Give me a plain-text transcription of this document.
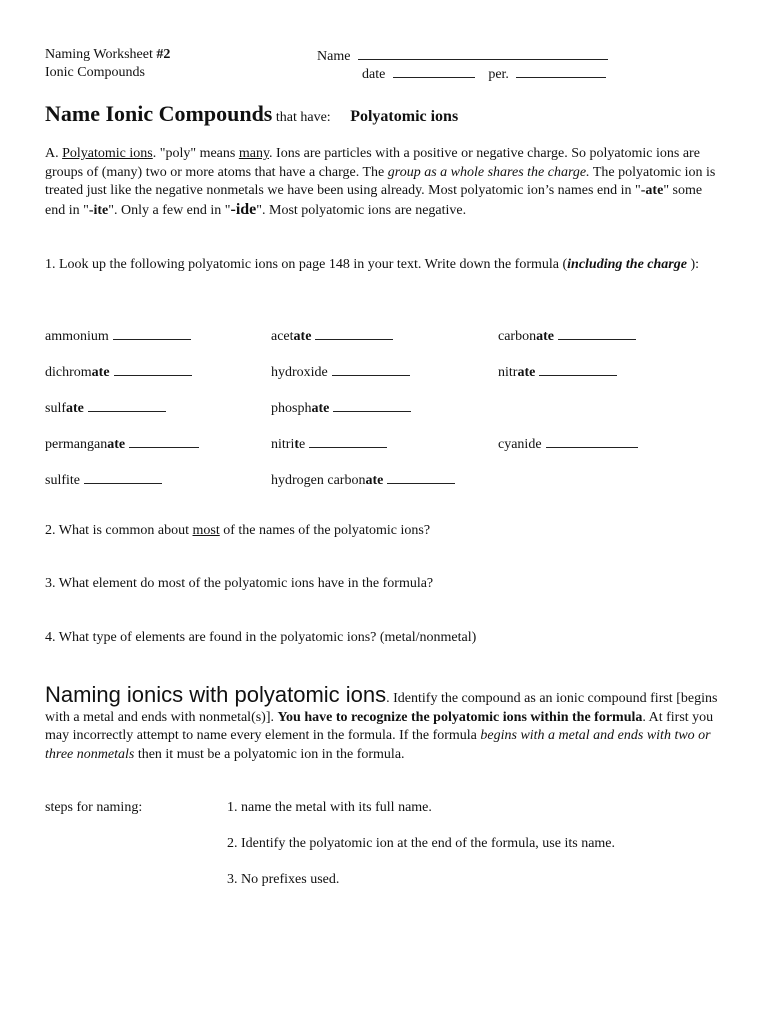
Naming Worksheet #2
Ionic Compounds
Name
date	per.
Name Ionic Compounds that have: Polyatomic ions
A. Polyatomic ions. "poly" means many. Ions are particles with a positive or negative charge. So polyatomic ions are groups of (many) two or more atoms that have a charge. The group as a whole shares the charge. The polyatomic ion is treated just like the negative nonmetals we have been using already. Most polyatomic ion’s names end in "-ate" some end in "-ite". Only a few end in "-ide". Most polyatomic ions are negative.
1. Look up the following polyatomic ions on page 148 in your text. Write down the formula (including the charge ):
ammonium	acetate	carbonate
dichromate	hydroxide	nitrate
sulfate	phosphate
permanganate	nitrite	cyanide
sulfite	hydrogen carbonate
2. What is common about most of the names of the polyatomic ions?
3. What element do most of the polyatomic ions have in the formula?
4. What type of elements are found in the polyatomic ions? (metal/nonmetal)
Naming ionics with polyatomic ions. Identify the compound as an ionic compound first [begins with a metal and ends with nonmetal(s)]. You have to recognize the polyatomic ions within the formula. At first you may incorrectly attempt to name every element in the formula. If the formula begins with a metal and ends with two or three nonmetals then it must be a polyatomic ion in the formula.
steps for naming:	1. name the metal with its full name.
2. Identify the polyatomic ion at the end of the formula, use its name.
3. No prefixes used.
